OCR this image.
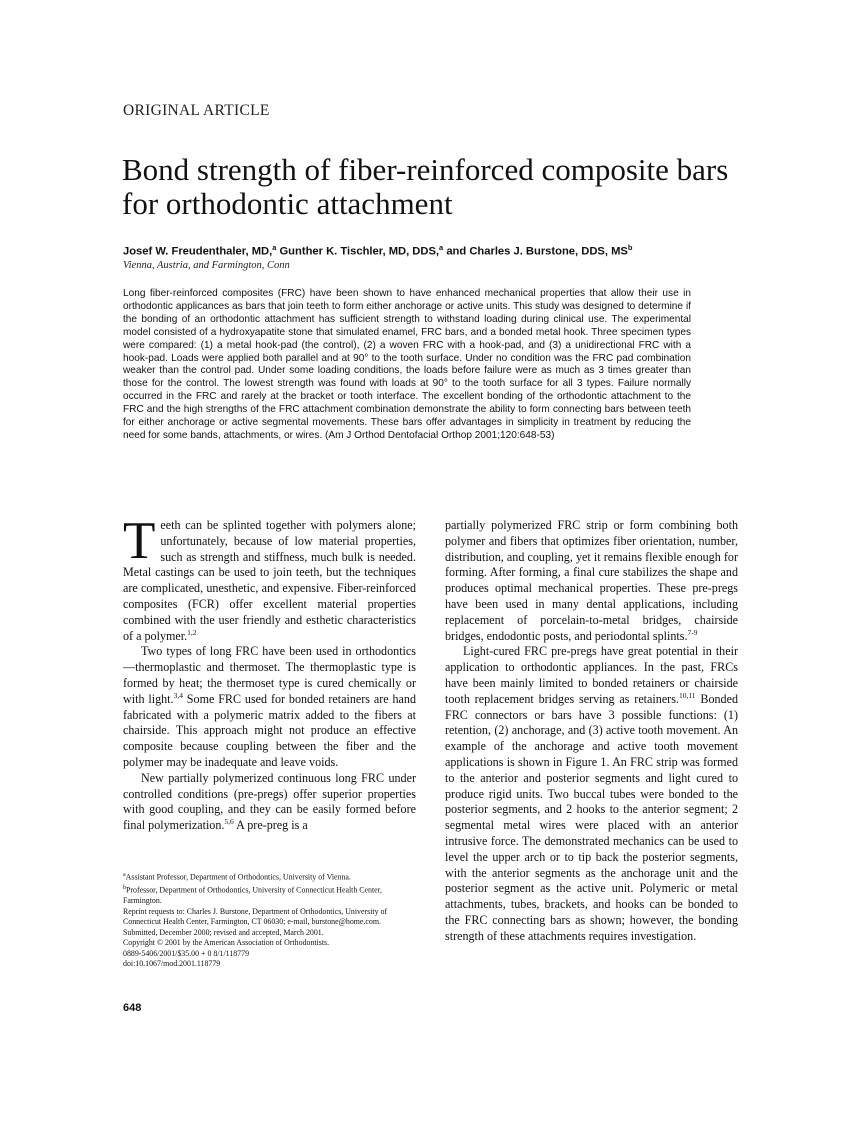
ORIGINAL ARTICLE
Bond strength of fiber-reinforced composite bars for orthodontic attachment
Josef W. Freudenthaler, MD,$^a$ Gunther K. Tischler, MD, DDS,$^a$ and Charles J. Burstone, DDS, $MS^b$
Vienna, Austria, and Farmington, Conn
Long fiber-reinforced composites (FRC) have been shown to have enhanced mechanical properties that allow their use in orthodontic applicances as bars that join teeth to form either anchorage or active units. This study was designed to determine if the bonding of an orthodontic attachment has sufficient strength to withstand loading during clinical use. The experimental model consisted of a hydroxyapatite stone that simulated enamel, FRC bars, and a bonded metal hook. Three specimen types were compared: (1) a metal hook-pad (the control), (2) a woven FRC with a hook-pad, and (3) a unidirectional FRC with a hook-pad. Loads were applied both parallel and at 90° to the tooth surface. Under no condition was the FRC pad combination weaker than the control pad. Under some loading conditions, the loads before failure were as much as 3 times greater than those for the control. The lowest strength was found with loads at 90° to the tooth surface for all 3 types. Failure normally occurred in the FRC and rarely at the bracket or tooth interface. The excellent bonding of the orthodontic attachment to the FRC and the high strengths of the FRC attachment combination demonstrate the ability to form connecting bars between teeth for either anchorage or active segmental movements. These bars offer advantages in simplicity in treatment by reducing the need for some bands, attachments, or wires. (Am J Orthod Dentofacial Orthop 2001;120:648-53)

Teeth can be splinted together with polymers alone; unfortunately, because of low material properties, such as strength and stiffness, much bulk is needed. Metal castings can be used to join teeth, but the techniques are complicated, unesthetic, and expensive. Fiber-reinforced composites (FCR) offer excellent material properties combined with the user friendly and esthetic characteristics of a polymer.$^{1,2}$

Two types of long FRC have been used in orthodontics—thermoplastic and thermoset. The thermoplastic type is formed by heat; the thermoset type is cured chemically or with light.$^{3,4}$ Some FRC used for bonded retainers are hand fabricated with a polymeric matrix added to the fibers at chairside. This approach might not produce an effective composite because coupling between the fiber and the polymer may be inadequate and leave voids.

New partially polymerized continuous long FRC under controlled conditions (pre-pregs) offer superior properties with good coupling, and they can be easily formed before final polymerization.$^{5,6}$ A pre-preg is a

$^a$Assistant Professor, Department of Orthodontics, University of Vienna.
$^b$Professor, Department of Orthodontics, University of Connecticut Health Center, Farmington.
Reprint requests to: Charles J. Burstone, Department of Orthodontics, University of Connecticut Health Center, Farmington, CT 06030; e-mail, burstone@home.com.
Submitted, December 2000; revised and accepted, March 2001.
Copyright © 2001 by the American Association of Orthodontists.
0889-5406/2001/$35.00 + 0 8/1/118779
doi:10.1067/mod.2001.118779

partially polymerized FRC strip or form combining both polymer and fibers that optimizes fiber orientation, number, distribution, and coupling, yet it remains flexible enough for forming. After forming, a final cure stabilizes the shape and produces optimal mechanical properties. These pre-pregs have been used in many dental applications, including replacement of porcelain-to-metal bridges, chairside bridges, endodontic posts, and periodontal splints.$^{7-9}$

Light-cured FRC pre-pregs have great potential in their application to orthodontic appliances. In the past, FRCs have been mainly limited to bonded retainers or chairside tooth replacement bridges serving as retainers.$^{10,11}$ Bonded FRC connectors or bars have 3 possible functions: (1) retention, (2) anchorage, and (3) active tooth movement. An example of the anchorage and active tooth movement applications is shown in Figure 1. An FRC strip was formed to the anterior and posterior segments and light cured to produce rigid units. Two buccal tubes were bonded to the posterior segments, and 2 hooks to the anterior segment; 2 segmental metal wires were placed with an anterior intrusive force. The demonstrated mechanics can be used to level the upper arch or to tip back the posterior segments, with the anterior segments as the anchorage unit and the posterior segment as the active unit. Polymeric or metal attachments, tubes, brackets, and hooks can be bonded to the FRC connecting bars as shown; however, the bonding strength of these attachments requires investigation.

648
